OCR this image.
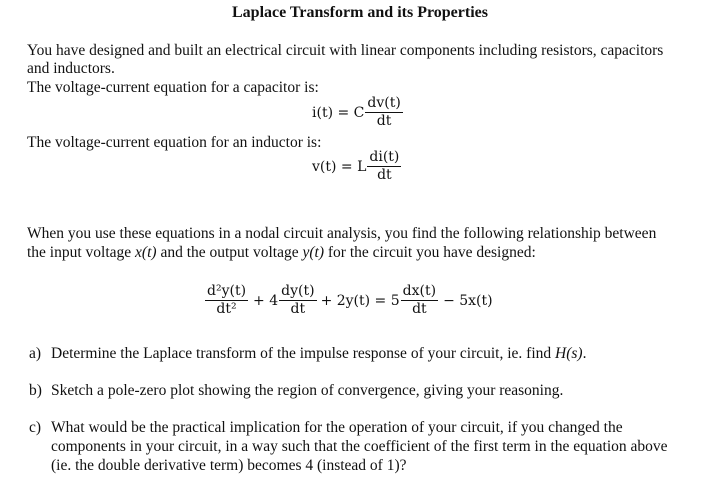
Laplace Transform and its Properties
You have designed and built an electrical circuit with linear components including resistors, capacitors
and inductors.
The voltage-current equation for a capacitor is:
i(t) = C $\frac{dv(t)}{dt}$
The voltage-current equation for an inductor is:
v(t) = L $\frac{di(t)}{dt}$
When you use these equations in a nodal circuit analysis, you find the following relationship between
the input voltage x(t) and the output voltage y(t) for the circuit you have designed:
$\frac{\text{d²y(t)}}{\text{dt²}} + 4 \frac{dy(t)}{dt} + 2y(t) = 5 \frac{dx(t)}{dt} - 5x(t)$
a) Determine the Laplace transform of the impulse response of your circuit, ie. find H(s).
b) Sketch a pole-zero plot showing the region of convergence, giving your reasoning.
c) What would be the practical implication for the operation of your circuit, if you changed the components in your circuit, in a way such that the coefficient of the first term in the equation above (ie. the double derivative term) becomes 4 (instead of 1)?
